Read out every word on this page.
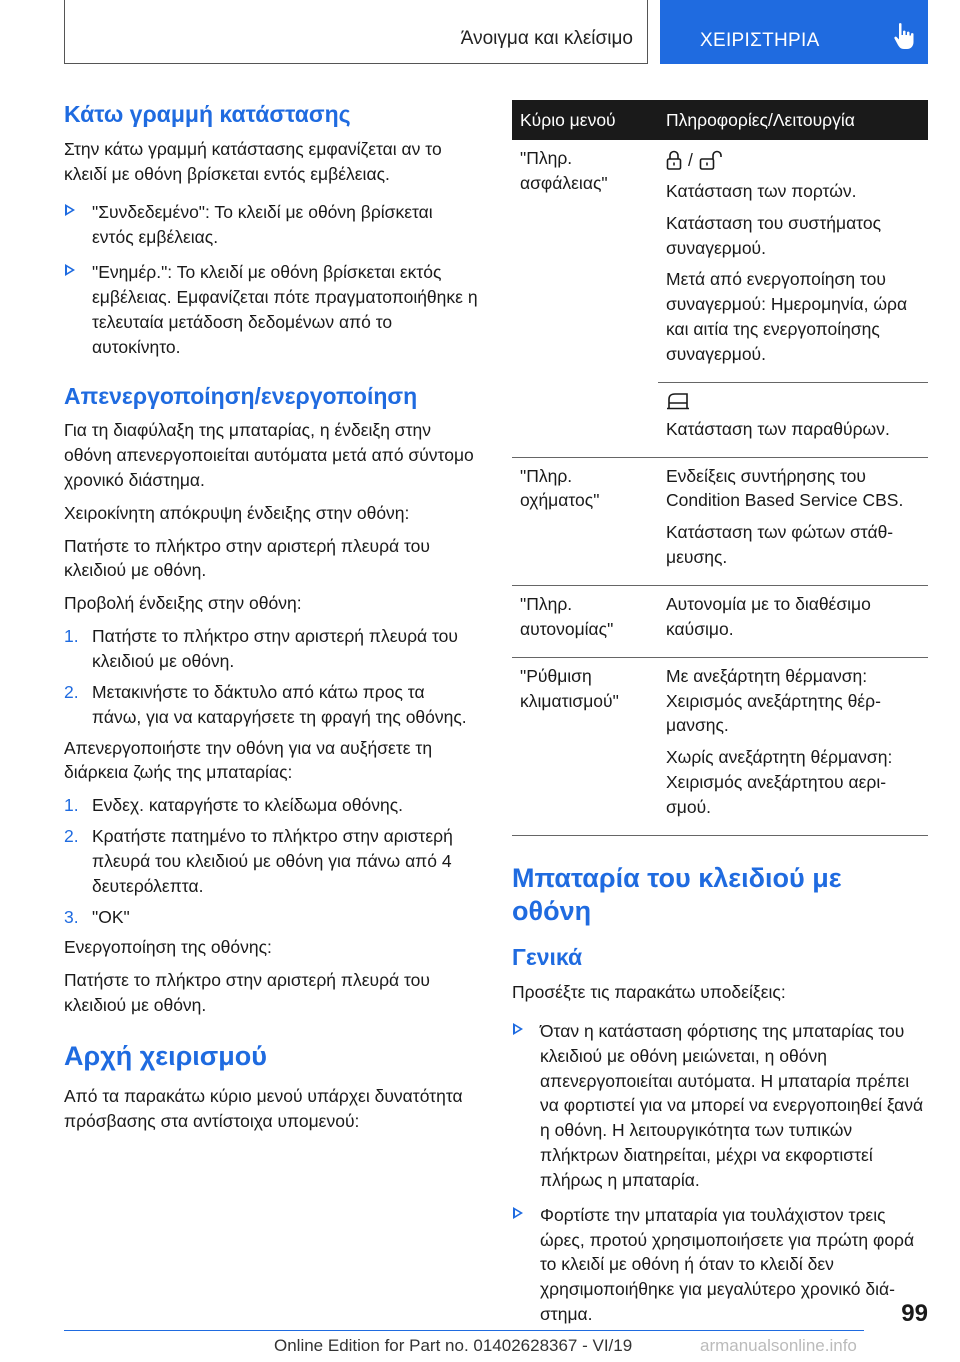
Άνοιγμα και κλείσιμο	ΧΕΙΡΙΣΤΗΡΙΑ
Κάτω γραμμή κατάστασης

Στην κάτω γραμμή κατάστασης εμφανίζεται αν το κλειδί με οθόνη βρίσκεται εντός εμβέλειας.

"Συνδεδεμένο": Το κλειδί με οθόνη βρίσκεται εντός εμβέλειας.
"Ενημέρ.": Το κλειδί με οθόνη βρίσκεται εκτός εμβέλειας. Εμφανίζεται πότε πραγματοποιήθηκε η τελευταία μετάδοση δεδομένων από το αυτοκίνητο.
Απενεργοποίηση/ενεργοποίηση

Για τη διαφύλαξη της μπαταρίας, η ένδειξη στην οθόνη απενεργοποιείται αυτόματα μετά από σύντομο χρονικό διάστημα.

Χειροκίνητη απόκρυψη ένδειξης στην οθόνη:

Πατήστε το πλήκτρο στην αριστερή πλευρά του κλειδιού με οθόνη.

Προβολή ένδειξης στην οθόνη:

1. Πατήστε το πλήκτρο στην αριστερή πλευρά του κλειδιού με οθόνη.
2. Μετακινήστε το δάκτυλο από κάτω προς τα πάνω, για να καταργήσετε τη φραγή της οθόνης.

Απενεργοποιήστε την οθόνη για να αυξήσετε τη διάρκεια ζωής της μπαταρίας:

1. Ενδεχ. καταργήστε το κλείδωμα οθόνης.
2. Κρατήστε πατημένο το πλήκτρο στην αριστερή πλευρά του κλειδιού με οθόνη για πάνω από 4 δευτερόλεπτα.
3. "OK"

Ενεργοποίηση της οθόνης:

Πατήστε το πλήκτρο στην αριστερή πλευρά του κλειδιού με οθόνη.

Αρχή χειρισμού

Από τα παρακάτω κύριο μενού υπάρχει δυνατότητα πρόσβασης στα αντίστοιχα υπομενού:

Κύριο μενού	Πληροφορίες/Λειτουργία
"Πληρ. ασφάλειας"	/

Κατάσταση των πορτών.

Κατάσταση του συστήματος συναγερμού.

Μετά από ενεργοποίηση του συναγερμού: Ημερομηνία, ώρα και αιτία της ενεργοποίησης συναγερμού.

	Κατάσταση των παραθύρων.

"Πληρ. οχήματος"	Ενδείξεις συντήρησης του Condition Based Service CBS.

Κατάσταση των φώτων στάθμευσης.

"Πληρ. αυτονομίας"	Αυτονομία με το διαθέσιμο καύσιμο.

"Ρύθμιση κλιματισμού"	Με ανεξάρτητη θέρμανση: Χειρισμός ανεξάρτητης θέρμανσης.

Χωρίς ανεξάρτητη θέρμανση: Χειρισμός ανεξάρτητου αερισμού.

Μπαταρία του κλειδιού με οθόνη
Γενικά

Προσέξτε τις παρακάτω υποδείξεις:

Όταν η κατάσταση φόρτισης της μπαταρίας του κλειδιού με οθόνη μειώνεται, η οθόνη απενεργοποιείται αυτόματα. Η μπαταρία πρέπει να φορτιστεί για να μπορεί να ενεργοποιηθεί ξανά η οθόνη. Η λειτουργικότητα των τυπικών πλήκτρων διατηρείται, μέχρι να εκφορτιστεί πλήρως η μπαταρία.
Φορτίστε την μπαταρία για τουλάχιστον τρεις ώρες, προτού χρησιμοποιήσετε για πρώτη φορά το κλειδί με οθόνη ή όταν το κλειδί δεν χρησιμοποιήθηκε για μεγαλύτερο χρονικό διάστημα.	99
Online Edition for Part no. 01402628367 - VI/19	armanualsonline.info
